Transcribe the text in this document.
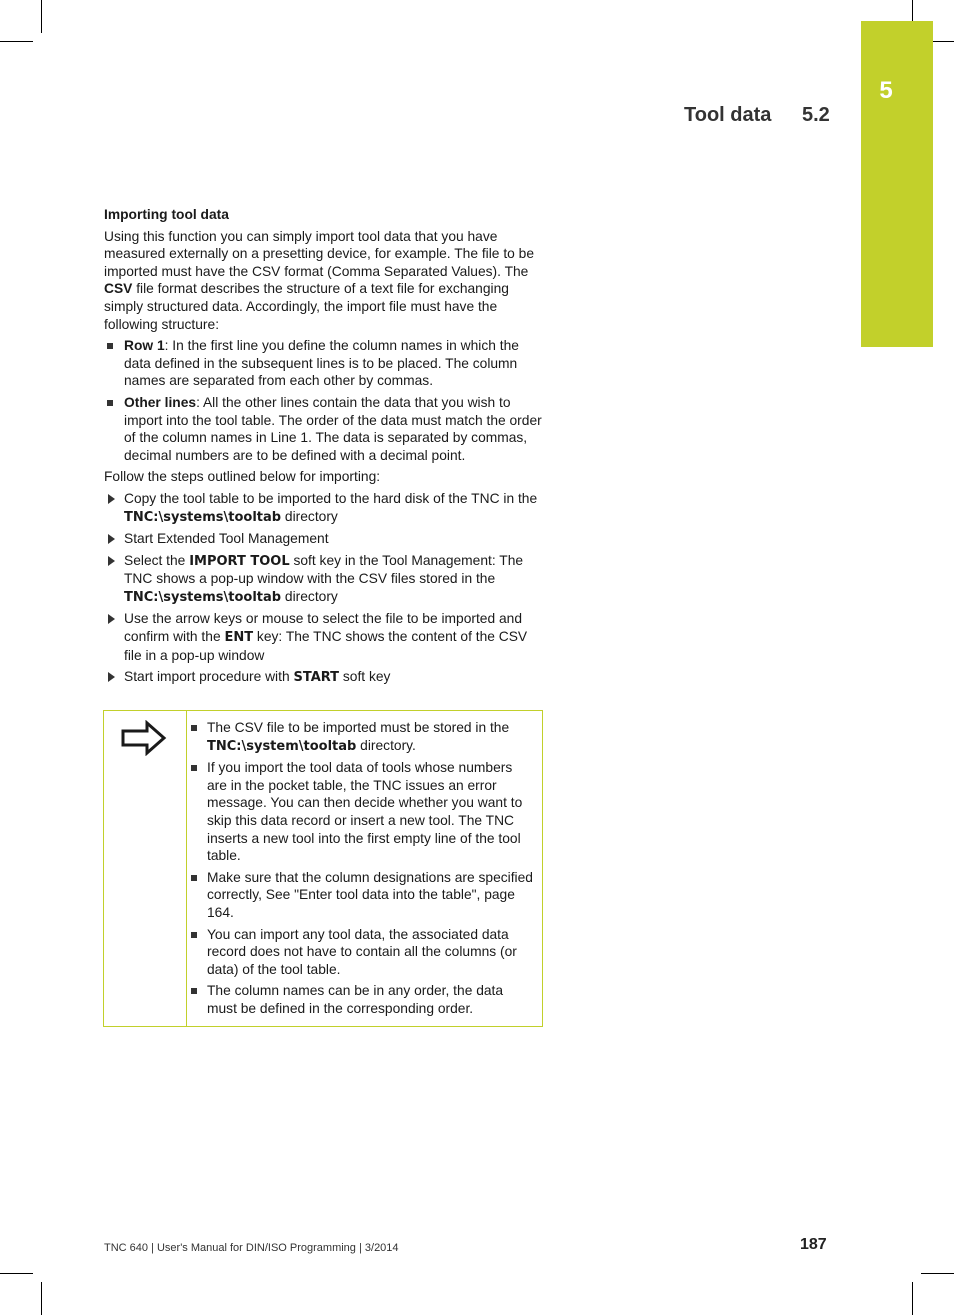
5
Tool data 5.2
Importing tool data
Using this function you can simply import tool data that you have measured externally on a presetting device, for example. The file to be imported must have the CSV format (Comma Separated Values). The CSV file format describes the structure of a text file for exchanging simply structured data. Accordingly, the import file must have the following structure:
Row 1: In the first line you define the column names in which the data defined in the subsequent lines is to be placed. The column names are separated from each other by commas.
Other lines: All the other lines contain the data that you wish to import into the tool table. The order of the data must match the order of the column names in Line 1. The data is separated by commas, decimal numbers are to be defined with a decimal point.
Follow the steps outlined below for importing:
Copy the tool table to be imported to the hard disk of the TNC in the TNC:\systems\tooltab directory
Start Extended Tool Management
Select the IMPORT TOOL soft key in the Tool Management: The TNC shows a pop-up window with the CSV files stored in the TNC:\systems\tooltab directory
Use the arrow keys or mouse to select the file to be imported and confirm with the ENT key: The TNC shows the content of the CSV file in a pop-up window
Start import procedure with START soft key
The CSV file to be imported must be stored in the TNC:\system\tooltab directory.
If you import the tool data of tools whose numbers are in the pocket table, the TNC issues an error message. You can then decide whether you want to skip this data record or insert a new tool. The TNC inserts a new tool into the first empty line of the tool table.
Make sure that the column designations are specified correctly, See "Enter tool data into the table", page 164.
You can import any tool data, the associated data record does not have to contain all the columns (or data) of the tool table.
The column names can be in any order, the data must be defined in the corresponding order.
TNC 640 | User's Manual for DIN/ISO Programming | 3/2014	187
